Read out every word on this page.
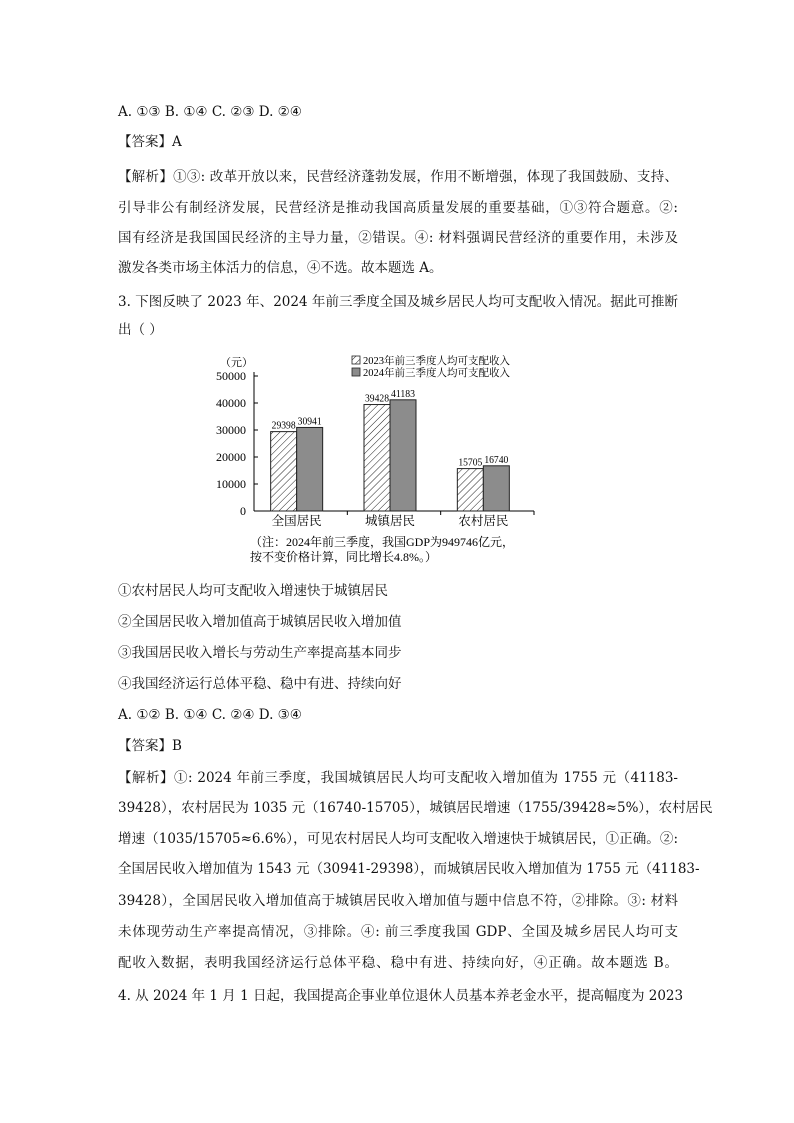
A. ①③ B. ①④ C. ②③ D. ②④
【答案】A
【解析】①③: 改革开放以来，民营经济蓬勃发展，作用不断增强，体现了我国鼓励、支持、
引导非公有制经济发展，民营经济是推动我国高质量发展的重要基础，①③符合题意。②:
国有经济是我国国民经济的主导力量，②错误。④: 材料强调民营经济的重要作用，未涉及
激发各类市场主体活力的信息，④不选。故本题选 A。
3. 下图反映了 2023 年、2024 年前三季度全国及城乡居民人均可支配收入情况。据此可推断
出（ ）
（元）
0
10000
20000
30000
40000
50000
29398 30941
39428 41183
15705 16740
2023年前三季度人均可支配收入
2024年前三季度人均可支配收入
全国居民	城镇居民	农村居民
（注：2024年前三季度，我国GDP为949746亿元，
按不变价格计算，同比增长4.8%。）
①农村居民人均可支配收入增速快于城镇居民
②全国居民收入增加值高于城镇居民收入增加值
③我国居民收入增长与劳动生产率提高基本同步
④我国经济运行总体平稳、稳中有进、持续向好
A. ①② B. ①④ C. ②④ D. ③④
【答案】B
【解析】①: 2024 年前三季度，我国城镇居民人均可支配收入增加值为 1755 元（41183-
39428），农村居民为 1035 元（16740-15705），城镇居民增速（1755/39428≈5%），农村居民
增速（1035/15705≈6.6%），可见农村居民人均可支配收入增速快于城镇居民，①正确。②:
全国居民收入增加值为 1543 元（30941-29398），而城镇居民收入增加值为 1755 元（41183-
39428），全国居民收入增加值高于城镇居民收入增加值与题中信息不符，②排除。③: 材料
未体现劳动生产率提高情况，③排除。④: 前三季度我国 GDP、全国及城乡居民人均可支
配收入数据，表明我国经济运行总体平稳、稳中有进、持续向好，④正确。故本题选 B。
4. 从 2024 年 1 月 1 日起，我国提高企事业单位退休人员基本养老金水平，提高幅度为 2023
